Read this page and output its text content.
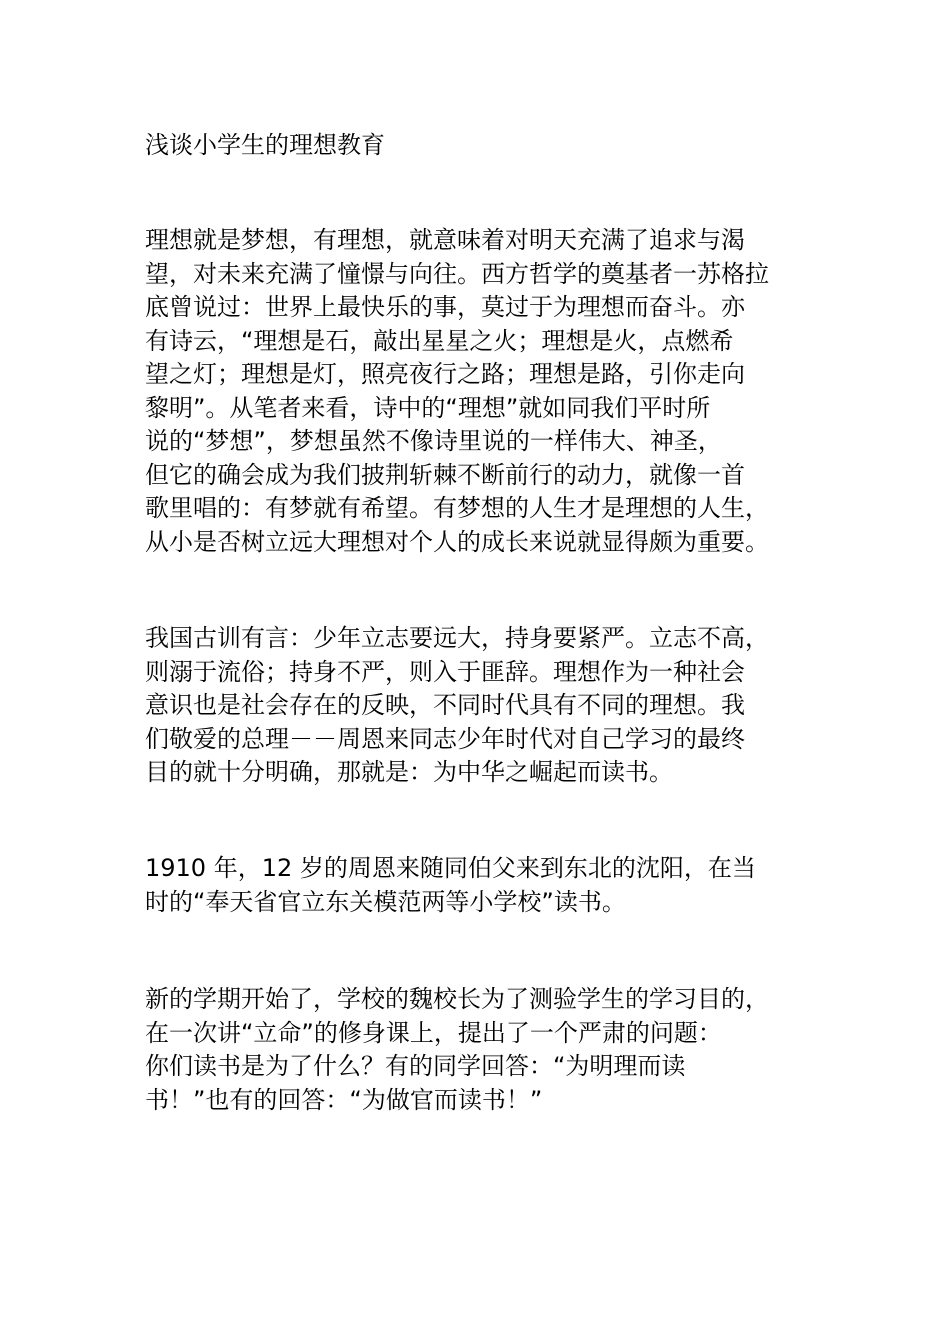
浅谈小学生的理想教育
理想就是梦想，有理想，就意味着对明天充满了追求与渴
望，对未来充满了憧憬与向往。西方哲学的奠基者一苏格拉
底曾说过：世界上最快乐的事，莫过于为理想而奋斗。亦
有诗云，“理想是石，敲出星星之火；理想是火，点燃希
望之灯；理想是灯，照亮夜行之路；理想是路，引你走向
黎明”。从笔者来看，诗中的“理想”就如同我们平时所
说的“梦想”，梦想虽然不像诗里说的一样伟大、神圣，
但它的确会成为我们披荆斩棘不断前行的动力，就像一首
歌里唱的：有梦就有希望。有梦想的人生才是理想的人生，
从小是否树立远大理想对个人的成长来说就显得颇为重要。
我国古训有言：少年立志要远大，持身要紧严。立志不高，
则溺于流俗；持身不严，则入于匪辞。理想作为一种社会
意识也是社会存在的反映，不同时代具有不同的理想。我
们敬爱的总理－－周恩来同志少年时代对自己学习的最终
目的就十分明确，那就是：为中华之崛起而读书。
1910 年，12 岁的周恩来随同伯父来到东北的沈阳，在当
时的“奉天省官立东关模范两等小学校”读书。
新的学期开始了，学校的魏校长为了测验学生的学习目的，
在一次讲“立命”的修身课上，提出了一个严肃的问题：
你们读书是为了什么？有的同学回答：“为明理而读
书！”也有的回答：“为做官而读书！”
